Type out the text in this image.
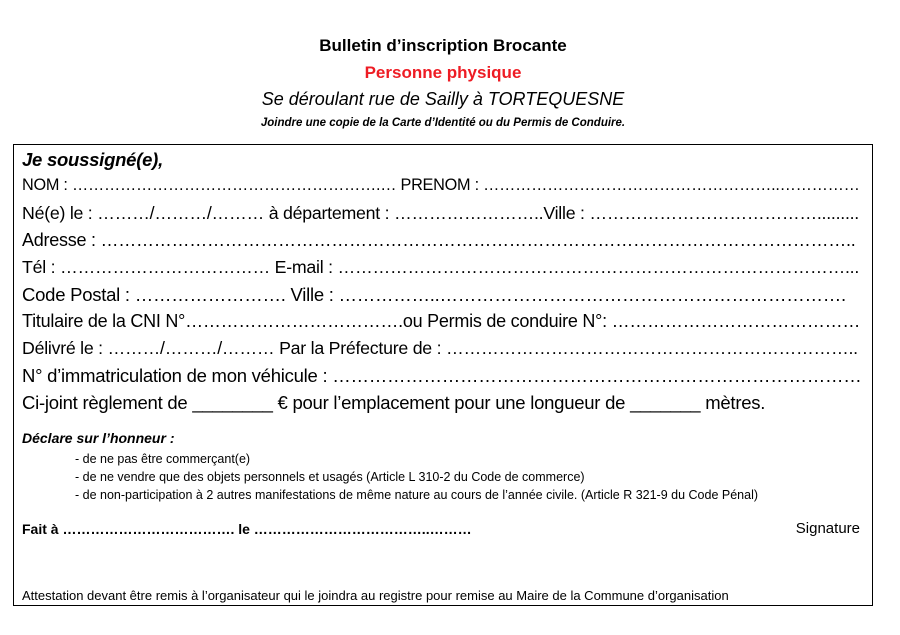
Bulletin d’inscription Brocante
Personne physique
Se déroulant rue de Sailly à TORTEQUESNE
Joindre une copie de la Carte d’Identité ou du Permis de Conduire.
Je soussigné(e),
NOM : ………………………………………………….… PRENOM : ………………………………………………..……………
Né(e) le : ………/………/……… à département : ……………………..Ville : ………………………………….........
Adresse : ………………………………………………………………………………………………………………..
Tél : ……………………………… E-mail : ……………………………………………………………………………...
Code Postal : ……………………. Ville : ……………..………………………………………………………….
Titulaire de la CNI N°……………………………….ou Permis de conduire N°: ……………………………………
Délivré le : ………/………/……… Par la Préfecture de : ……………………………………………………………..
N° d’immatriculation de mon véhicule : ……………………………………………………………………………
Ci-joint règlement de ________ € pour l’emplacement pour une longueur de _______ mètres.
Déclare sur l’honneur :
- de ne pas être commerçant(e)
- de ne vendre que des objets personnels et usagés (Article L 310-2 du Code de commerce)
- de non-participation à 2 autres manifestations de même nature au cours de l’année civile. (Article R 321-9 du Code Pénal)
Fait à ………………………………. le ………………………………..………	Signature
Attestation devant être remis à l’organisateur qui le joindra au registre pour remise au Maire de la Commune d’organisation
